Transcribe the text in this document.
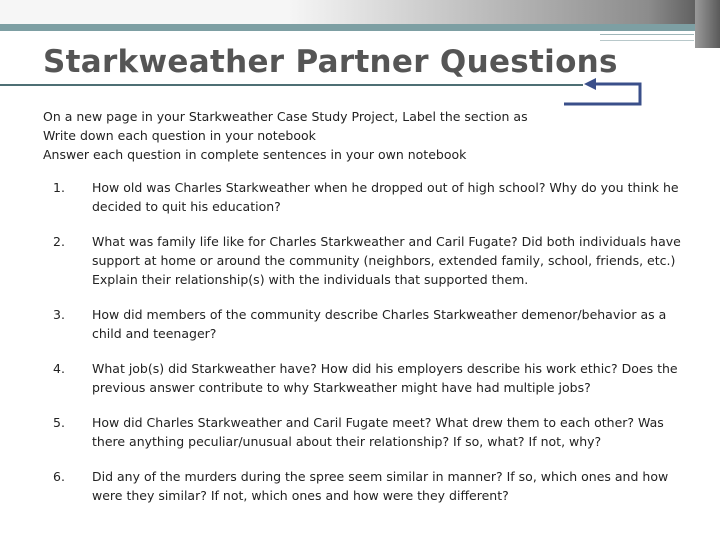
Starkweather Partner Questions
On a new page in your Starkweather Case Study Project, Label the section as
Write down each question in your notebook
Answer each question in complete sentences in your own notebook
1. How old was Charles Starkweather when he dropped out of high school? Why do you think he decided to quit his education?
2. What was family life like for Charles Starkweather and Caril Fugate? Did both individuals have support at home or around the community (neighbors, extended family, school, friends, etc.) Explain their relationship(s) with the individuals that supported them.
3. How did members of the community describe Charles Starkweather demenor/behavior as a child and teenager?
4. What job(s) did Starkweather have? How did his employers describe his work ethic? Does the previous answer contribute to why Starkweather might have had multiple jobs?
5. How did Charles Starkweather and Caril Fugate meet? What drew them to each other? Was there anything peculiar/unusual about their relationship? If so, what? If not, why?
6. Did any of the murders during the spree seem similar in manner? If so, which ones and how were they similar? If not, which ones and how were they different?
